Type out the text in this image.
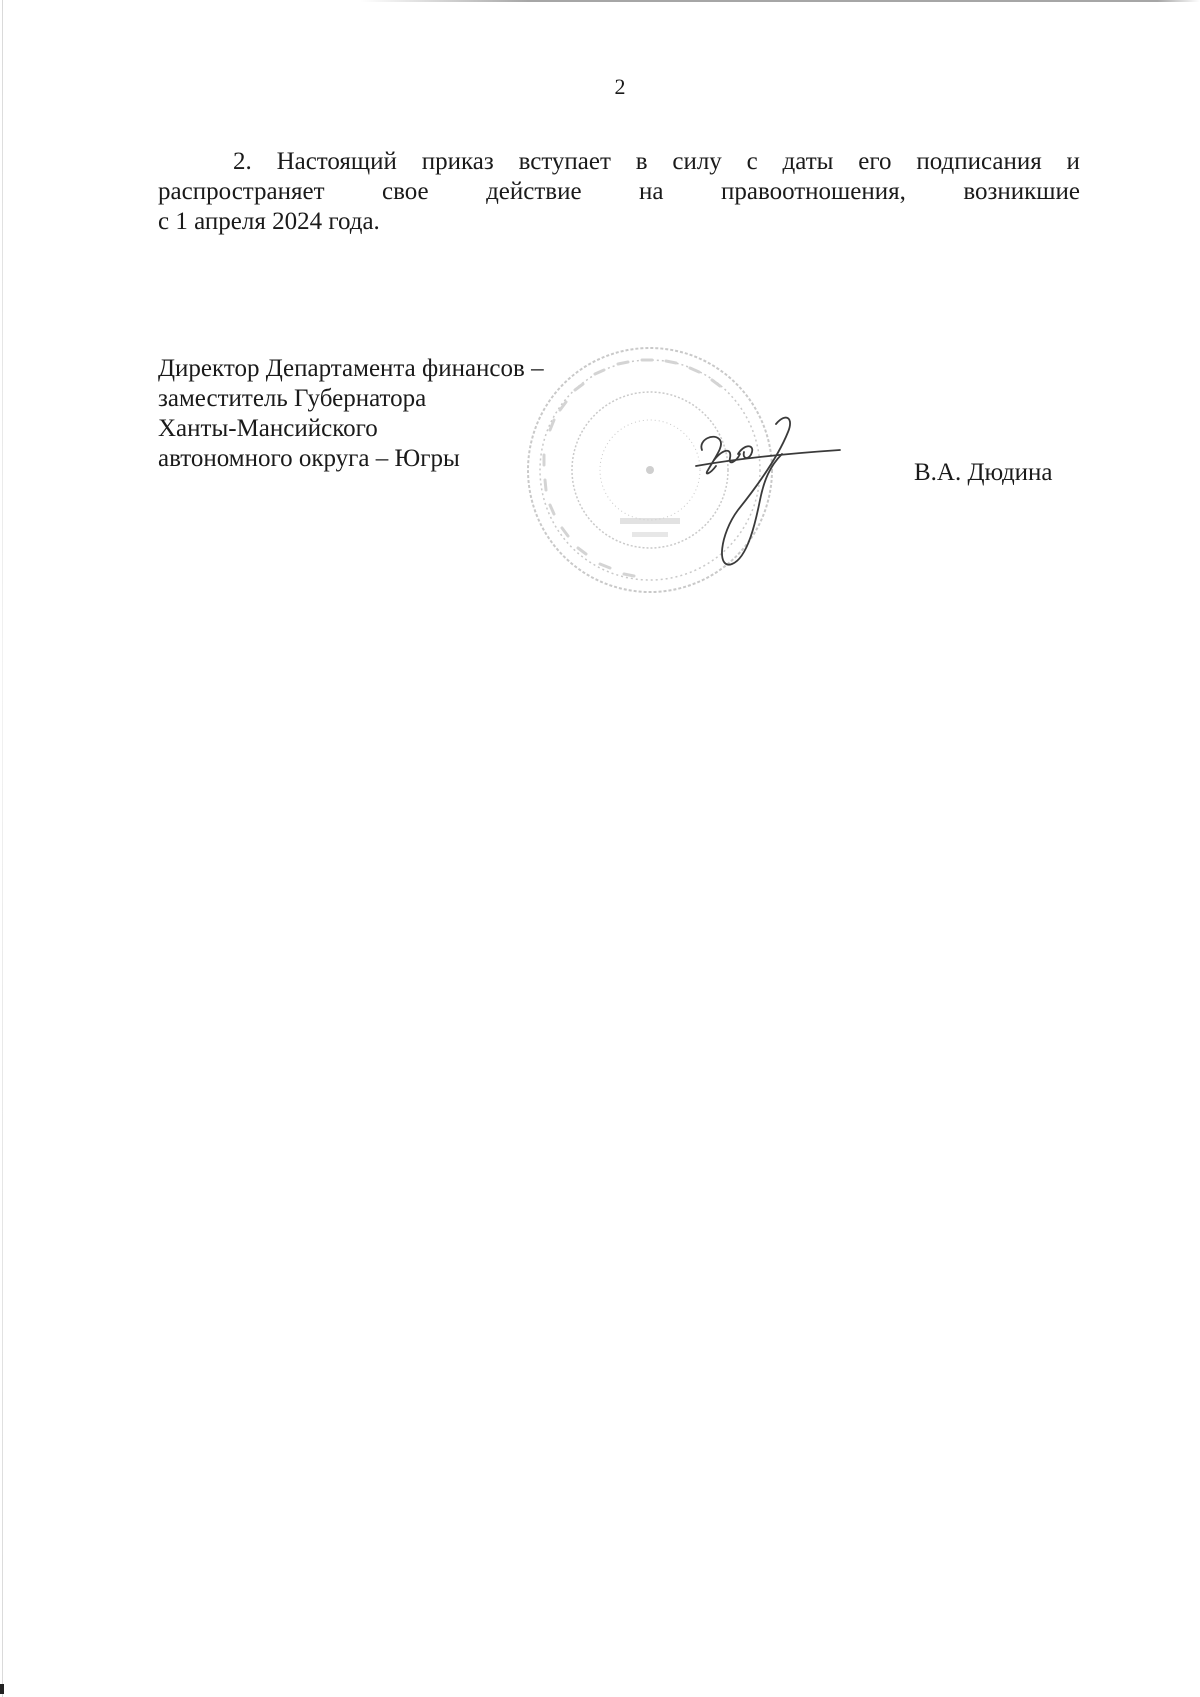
2
2. Настоящий приказ вступает в силу с даты его подписания и
распространяет свое действие на правоотношения, возникшие
с 1 апреля 2024 года.
Директор Департамента финансов –
заместитель Губернатора
Ханты-Мансийского
автономного округа – Югры
В.А. Дюдина
